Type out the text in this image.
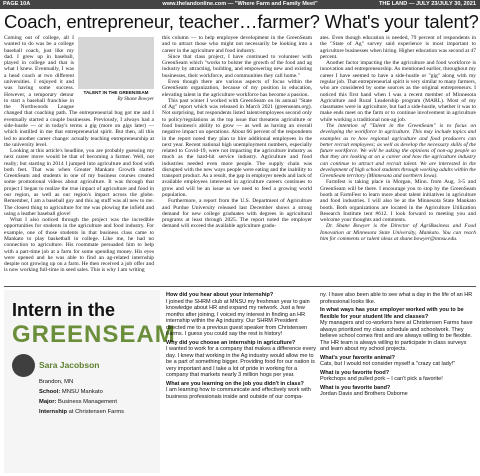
PAGE 10A	www.thelandonline.com — "Where Farm and Family Meet"	THE LAND — JULY 23/JULY 30, 2021
Coach, entrepreneur, teacher…farmer? What's your talent?
TALENT IN THE GREENSEAM
By Shane Bowyer

Coming out of college, all I wanted to do was be a college baseball coach, just like my dad. I grew up in baseball, played in college and that is what I knew. Eventually, I was a head coach at two different universities. I enjoyed it and was having some success. However, a temporary detour to start a baseball franchise in the Northwoods League changed that coaching path. The entrepreneurial bug got me and I eventually started a couple businesses. Previously, I always had a side-hustle — or in today's terms a gig (more on gigs later) — which instilled in me that entrepreneurial spirit. But then, all this led to another career change: actually teaching entrepreneurship at the university level.

Looking at this article's headline, you are probably guessing my next career move would be that of becoming a farmer. Well, not really; but starting in 2014 I jumped into agriculture and food with both feet. That was when Greater Mankato Growth started GreenSeam and students in one of my business courses created some promotional videos about agriculture. It was through that project I began to realize the true impact of agriculture and food in our region, as well as our region's impact across the globe. Remember, I am a baseball guy and this ag stuff was all new to me. The closest thing to agriculture for me was plowing the infield and using a leather baseball glove!

What I also noticed through the project was the incredible opportunities for students in the agriculture and food industry. For example, one of those students in that business class came to Mankato to play basketball in college. Like me, he had no connection to agriculture. His roommate persuaded him to help with a part-time job at a farm for some spending money. His eyes were opened and he was able to find an ag-related internship despite not growing up on a farm. He then received a job offer and is now working full-time in seed sales. This is why I am writing

this column — to help employee development in the GreenSeam and to attract those who might not necessarily be looking into a career in the agriculture and food industry.

Since that class project, I have continued to volunteer with GreenSeam which "works to bolster the growth of the food and ag industry by attracting, building, and empowering new and existing businesses, their workforce, and communities they call home."

Even though there are various aspects of focus within the GreenSeam organization, because of my position in education, elevating talent in the agriculture workforce has become a passion.

This past winter I worked with GreenSeam on its annual "State of Ag" report which was released in March 2021 (greenseam.org). Not surprising, but respondents listed talent/employees second only to policy/regulations as the top issue that threatens agriculture or food business's ability to grow — as well as having an overall negative impact on operations. About 66 percent of the respondents in the report noted they plan to hire additional employees in the next year. Recent national high unemployment numbers, especially related to Covid-19, were not impacting the agriculture industry as much as the hard-hit service industry. Agriculture and food industries needed even more people. The supply chain was disrupted with the new ways people were eating and the inability to transport product. As a result, the gap in employer needs and lack of available employees interested in agriculture careers continues to grow and will be an issue as we need to feed a growing world population.

Furthermore, a report from the U.S. Department of Agriculture and Purdue University released last December shows a strong demand for new college graduates with degrees in agricultural programs at least through 2025. The report noted the employer demand will exceed the available agriculture gradu-

ates. Even though education is needed, 79 percent of respondents in the "State of Ag" survey said experience is most important to agriculture businesses when hiring. Higher education was second at 47 percent.

Another factor impacting the the agriculture and food workforce is innovation and entrepreneurship. As mentioned earlier, throughout my career I have seemed to have a side-hustle or "gig" along with my regular job. That entrepreneurial spirit is very similar to many farmers, who are considered by some sources as the original entrepreneurs. I noticed this first hand when I was a recent member of Minnesota Agriculture and Rural Leadership program (MARL). Most of my classmates were in agriculture, but had a side-hustle, whether it was to make ends meet on the farm or to continue involvement in agriculture while working a traditional non-ag job.

The intention of "Talent in the GreenSeam" is to focus on developing the workforce in agriculture. This may include topics and examples as to how regional agriculture and food producers can better recruit employees; as well as develop the necessary skills of the future workforce. We will be asking the opinions of non-ag people so that they are looking at on a career and how the agriculture industry can continue to attract and recruit talent. We are interested in the development of high school students through working adults within the GreenSeam territory (Minnesota and northern Iowa).

Farmfest is taking place in Morgan, Minn. from Aug. 3-5 and GreenSeam will be there. I encourage you to stop by the GreenSeam booth at FarmFest to learn more about talent initiatives in agriculture and food industries. I will also be at the Minnesota State Mankato booth. Both organizations are located in the Agriculture Utilization Research Institute tent #612. I look forward to meeting you and welcome your thoughts and comments.

Dr. Shane Bowyer is the Director of AgriBusiness and Food Innovation at Minnesota State University, Mankato. You can reach him for comments or talent ideas at shane.bowyer@mnsu.edu.

Intern in the
GREENSEAM
Sara Jacobson
Brandon, MN
School: MNSU Mankato
Major: Business Management
Internship at Christensen Farms

How did you hear about your internship?

I joined the SHRM club at MNSU my freshman year to gain knowledge about HR and expand my network. Just a few months after joining, I voiced my interest in finding an HR internship within the Ag industry. Our SHRM President directed me to a previous guest speaker from Christensen Farms. I guess you could say the rest is history!

Why did you choose an internship in agriculture?

I wanted to work for a company that makes a difference every day. I knew that working in the Ag industry would allow me to be a part of something bigger. Providing food for our nation is very important and I take a lot of pride in working for a company that markets nearly 3 million hogs per year.

What are you learning on the job you didn't in class?

I am learning how to communicate and effectively work with business professionals inside and outside of our compa-

ny. I have also been able to see what a day in the life of an HR professional looks like.

In what ways has your employer worked with you to be flexible for your student life and classes?

My managers and co-workers here at Christensen Farms have always prioritized my class schedule and schoolwork. They believe school comes first and are always willing to be flexible. The HR team is always willing to participate in class surveys and learn about my school projects.

What's your favorite animal?

Cats, but I would not consider myself a "crazy cat lady!"

What is you favorite food?

Porkchops and pulled pork – I can't pick a favorite!

What is you favorite band?

Jordan Davis and Brothers Osborne
